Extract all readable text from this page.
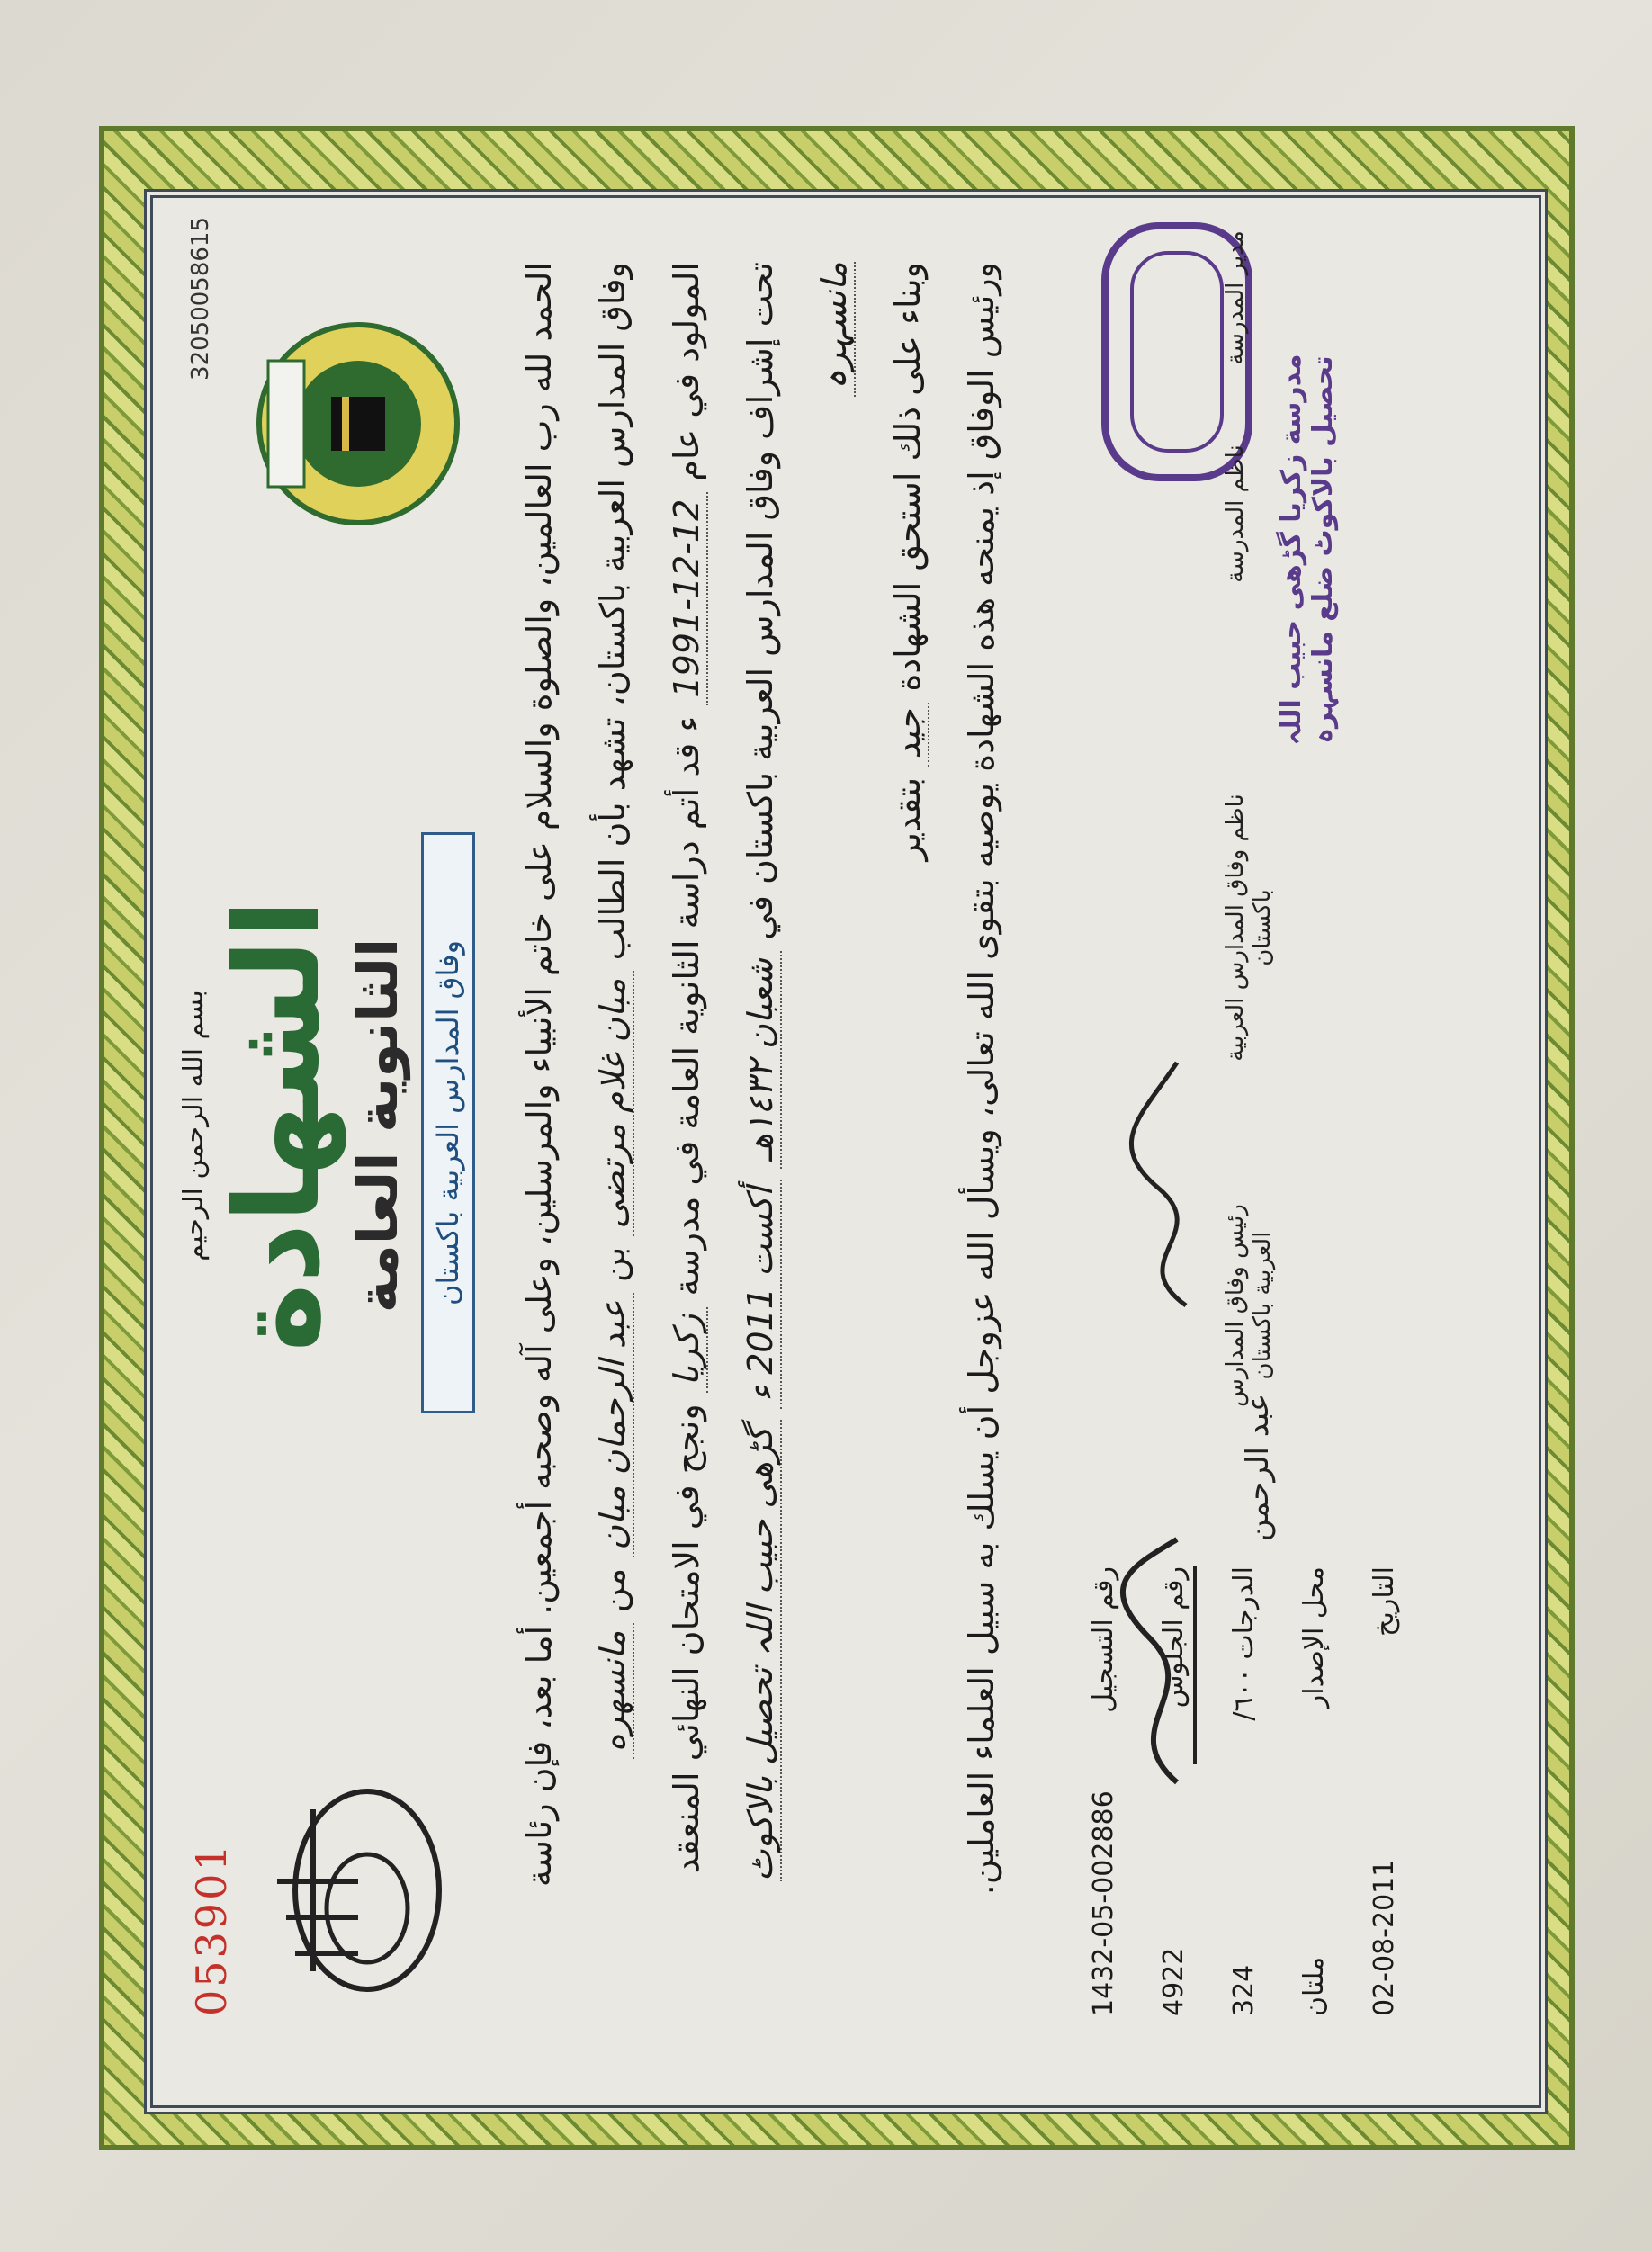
053901
3205005861​5
بسم الله الرحمن الرحيم الشهادة الثانوية العامة وفاق المدارس العربية باكستان	الحمد لله رب العالمين، والصلوة والسلام على خاتم الأنبياء والمرسلين، وعلى آله وصحبه أجمعين. أما بعد، فإن رئاسة	وفاق المدارس العربية باكستان، تشهد بأن الطالب مبان غلام مرتضى بن عبد الرحمان مبان من مانسهره

المولود في عام 12-12-1991 ء قد أتم دراسة الثانوية العامة في مدرسة زكريا ونجح في الامتحان النهائي المنعقد

تحت إشراف وفاق المدارس العربية باكستان في شعبان ١٤٣٢هـ أكست 2011 ء گڑھی حبیب اللہ تحصیل بالاکوٹ مانسہرہ	وبناء على ذلك استحق الشهادة جيد بتقدير	ورئيس الوفاق إذ يمنحه هذه الشهادة يوصيه بتقوى الله تعالى، ويسأل الله عزوجل أن يسلك به سبيل العلماء العاملين.	رقم التسجيل
1432-05-002886
رقم الجلوس
4922
الدرجات ٦٠٠/
324
محل الإصدار
ملتان
التاريخ
02-08-2011
عبد الرحمن
مدرسة زكريا گڑھی حبیب اللہ تحصیل بالاکوٹ ضلع مانسہرہ
رئيس وفاق المدارس العربية باكستان
ناظم وفاق المدارس العربية باكستان
ناظم المدرسة
مدير المدرسة
